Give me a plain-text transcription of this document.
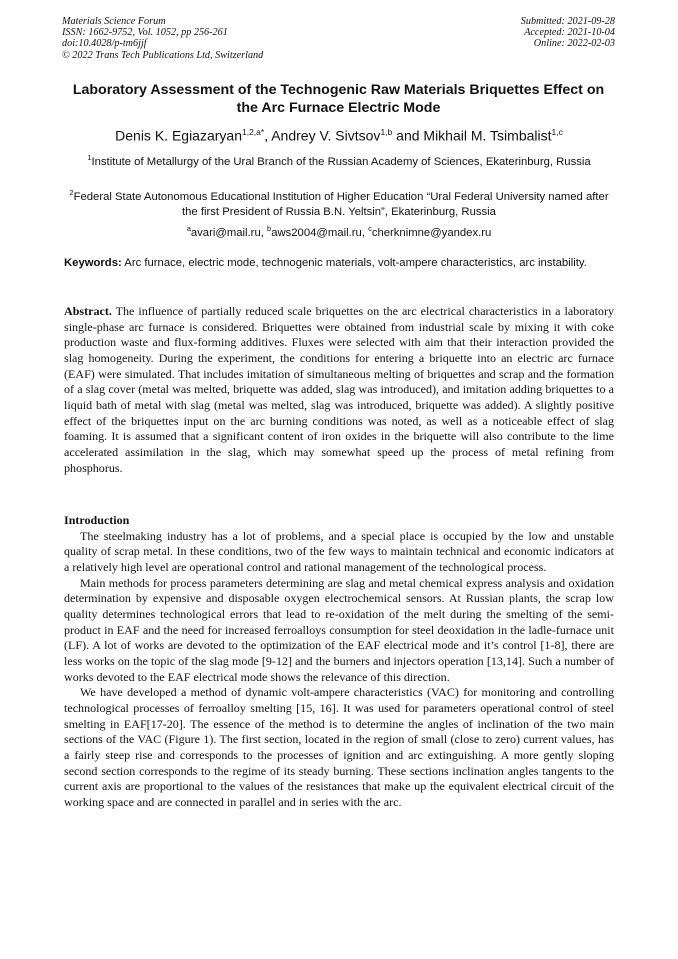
Materials Science Forum
ISSN: 1662-9752, Vol. 1052, pp 256-261
doi:10.4028/p-tm6jjf
© 2022 Trans Tech Publications Ltd, Switzerland
Submitted: 2021-09-28
Accepted: 2021-10-04
Online: 2022-02-03
Laboratory Assessment of the Technogenic Raw Materials Briquettes Effect on the Arc Furnace Electric Mode
Denis K. Egiazaryan$^{1,2,a*}$, Andrey V. Sivtsov$^{1,b}$ and Mikhail M. Tsimbalist$^{1,c}$
$^1$Institute of Metallurgy of the Ural Branch of the Russian Academy of Sciences, Ekaterinburg, Russia
$^2$Federal State Autonomous Educational Institution of Higher Education “Ural Federal University named after the first President of Russia B.N. Yeltsin”, Ekaterinburg, Russia
$^a$avari@mail.ru, $^b$aws2004@mail.ru, $^c$cherknimne@yandex.ru
Keywords: Arc furnace, electric mode, technogenic materials, volt-ampere characteristics, arc instability.

Abstract. The influence of partially reduced scale briquettes on the arc electrical characteristics in a laboratory single-phase arc furnace is considered. Briquettes were obtained from industrial scale by mixing it with coke production waste and flux-forming additives. Fluxes were selected with aim that their interaction provided the slag homogeneity. During the experiment, the conditions for entering a briquette into an electric arc furnace (EAF) were simulated. That includes imitation of simultaneous melting of briquettes and scrap and the formation of a slag cover (metal was melted, briquette was added, slag was introduced), and imitation adding briquettes to a liquid bath of metal with slag (metal was melted, slag was introduced, briquette was added). A slightly positive effect of the briquettes input on the arc burning conditions was noted, as well as a noticeable effect of slag foaming. It is assumed that a significant content of iron oxides in the briquette will also contribute to the lime accelerated assimilation in the slag, which may somewhat speed up the process of metal refining from phosphorus.

Introduction

The steelmaking industry has a lot of problems, and a special place is occupied by the low and unstable quality of scrap metal. In these conditions, two of the few ways to maintain technical and economic indicators at a relatively high level are operational control and rational management of the technological process.

Main methods for process parameters determining are slag and metal chemical express analysis and oxidation determination by expensive and disposable oxygen electrochemical sensors. At Russian plants, the scrap low quality determines technological errors that lead to re-oxidation of the melt during the smelting of the semi-product in EAF and the need for increased ferroalloys consumption for steel deoxidation in the ladle-furnace unit (LF). A lot of works are devoted to the optimization of the EAF electrical mode and it’s control [1-8], there are less works on the topic of the slag mode [9-12] and the burners and injectors operation [13,14]. Such a number of works devoted to the EAF electrical mode shows the relevance of this direction.

We have developed a method of dynamic volt-ampere characteristics (VAC) for monitoring and controlling technological processes of ferroalloy smelting [15, 16]. It was used for parameters operational control of steel smelting in EAF[17-20]. The essence of the method is to determine the angles of inclination of the two main sections of the VAC (Figure 1). The first section, located in the region of small (close to zero) current values, has a fairly steep rise and corresponds to the processes of ignition and arc extinguishing. A more gently sloping second section corresponds to the regime of its steady burning. These sections inclination angles tangents to the current axis are proportional to the values of the resistances that make up the equivalent electrical circuit of the working space and are connected in parallel and in series with the arc.
